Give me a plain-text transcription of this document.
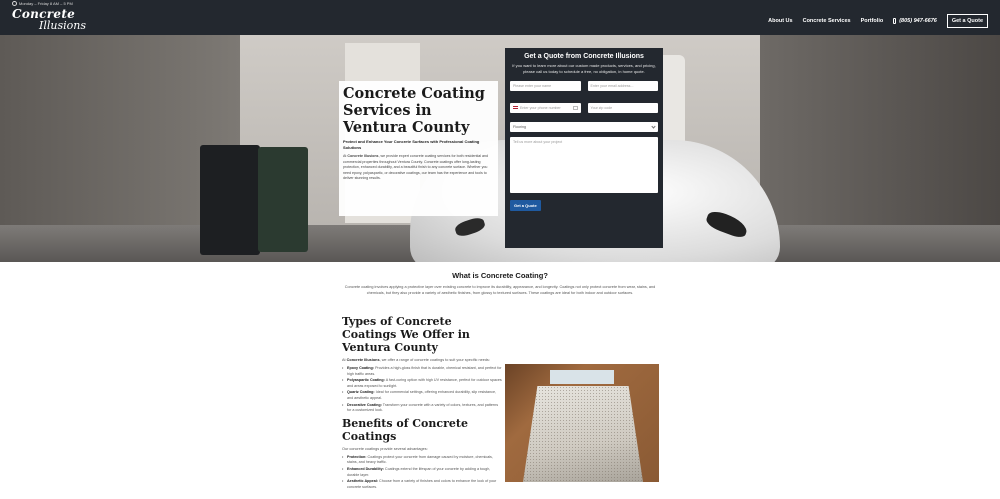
Monday – Friday 8 AM – 5 PM
Concrete
Illusions	About Us Concrete Services Portfolio	(805) 947-6676	Get a Quote
Concrete Coating Services in Ventura County
Protect and Enhance Your Concrete Surfaces with Professional Coating Solutions
At Concrete Illusions, we provide expert concrete coating services for both residential and commercial properties throughout Ventura County. Concrete coatings offer long-lasting protection, enhanced durability, and a beautiful finish to any concrete surface. Whether you need epoxy, polyaspartic, or decorative coatings, our team has the experience and tools to deliver stunning results.
Get a Quote from Concrete Illusions
If you want to learn more about our custom made products, services, and pricing, please call us today to schedule a free, no obligation, in home quote.
Please enter your name	Enter your email address...
Enter your phone number	Your zip code
Flooring
Tell us more about your project
Get a Quote
What is Concrete Coating?

Concrete coating involves applying a protective layer over existing concrete to improve its durability, appearance, and longevity. Coatings not only protect concrete from wear, stains, and chemicals, but they also provide a variety of aesthetic finishes, from glossy to textured surfaces. These coatings are ideal for both indoor and outdoor surfaces.

Types of Concrete Coatings We Offer in Ventura County

At Concrete Illusions, we offer a range of concrete coatings to suit your specific needs:

• Epoxy Coating: Provides a high-gloss finish that is durable, chemical resistant, and perfect for high traffic areas.
• Polyaspartic Coating: A fast-curing option with high UV resistance, perfect for outdoor spaces and areas exposed to sunlight.
• Quartz Coating: Ideal for commercial settings, offering enhanced durability, slip resistance, and aesthetic appeal.
• Decorative Coating: Transform your concrete with a variety of colors, textures, and patterns for a customized look.
Benefits of Concrete Coatings

Our concrete coatings provide several advantages:

• Protection: Coatings protect your concrete from damage caused by moisture, chemicals, stains, and heavy traffic.
• Enhanced Durability: Coatings extend the lifespan of your concrete by adding a tough, durable layer.
• Aesthetic Appeal: Choose from a variety of finishes and colors to enhance the look of your concrete surfaces.
